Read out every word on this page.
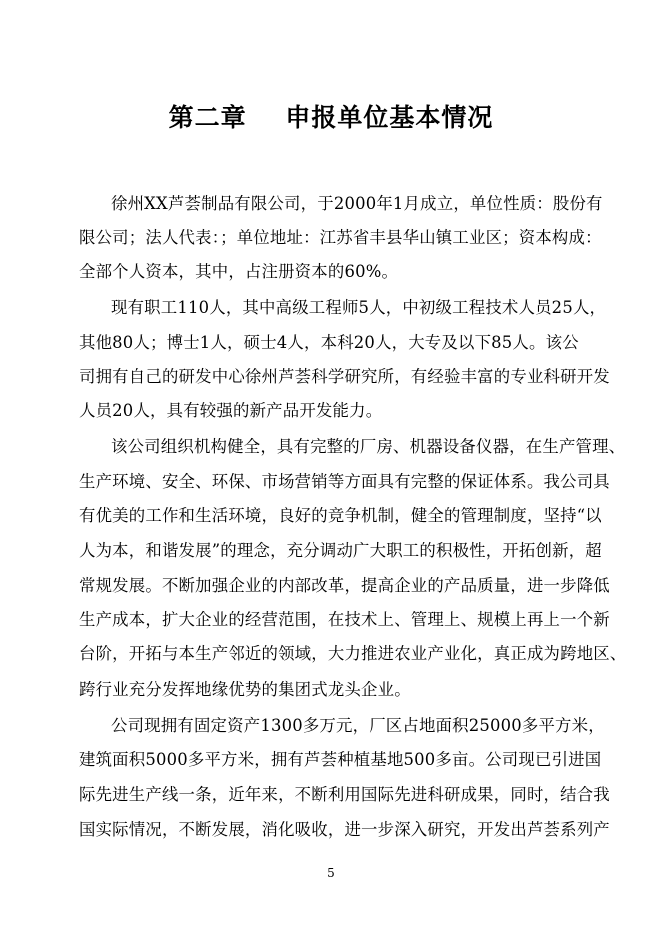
第二章    申报单位基本情况
徐州XX芦荟制品有限公司，于2000年1月成立，单位性质：股份有
限公司；法人代表：；单位地址：江苏省丰县华山镇工业区；资本构成：
全部个人资本，其中，占注册资本的60%。
现有职工110人，其中高级工程师5人，中初级工程技术人员25人，
其他80人；博士1人，硕士4人，本科20人，大专及以下85人。该公
司拥有自己的研发中心徐州芦荟科学研究所，有经验丰富的专业科研开发
人员20人，具有较强的新产品开发能力。
该公司组织机构健全，具有完整的厂房、机器设备仪器，在生产管理、
生产环境、安全、环保、市场营销等方面具有完整的保证体系。我公司具
有优美的工作和生活环境，良好的竞争机制，健全的管理制度，坚持“以
人为本，和谐发展”的理念，充分调动广大职工的积极性，开拓创新，超
常规发展。不断加强企业的内部改革，提高企业的产品质量，进一步降低
生产成本，扩大企业的经营范围，在技术上、管理上、规模上再上一个新
台阶，开拓与本生产邻近的领域，大力推进农业产业化，真正成为跨地区、
跨行业充分发挥地缘优势的集团式龙头企业。
公司现拥有固定资产1300多万元，厂区占地面积25000多平方米，
建筑面积5000多平方米，拥有芦荟种植基地500多亩。公司现已引进国
际先进生产线一条，近年来，不断利用国际先进科研成果，同时，结合我
国实际情况，不断发展，消化吸收，进一步深入研究，开发出芦荟系列产
5
